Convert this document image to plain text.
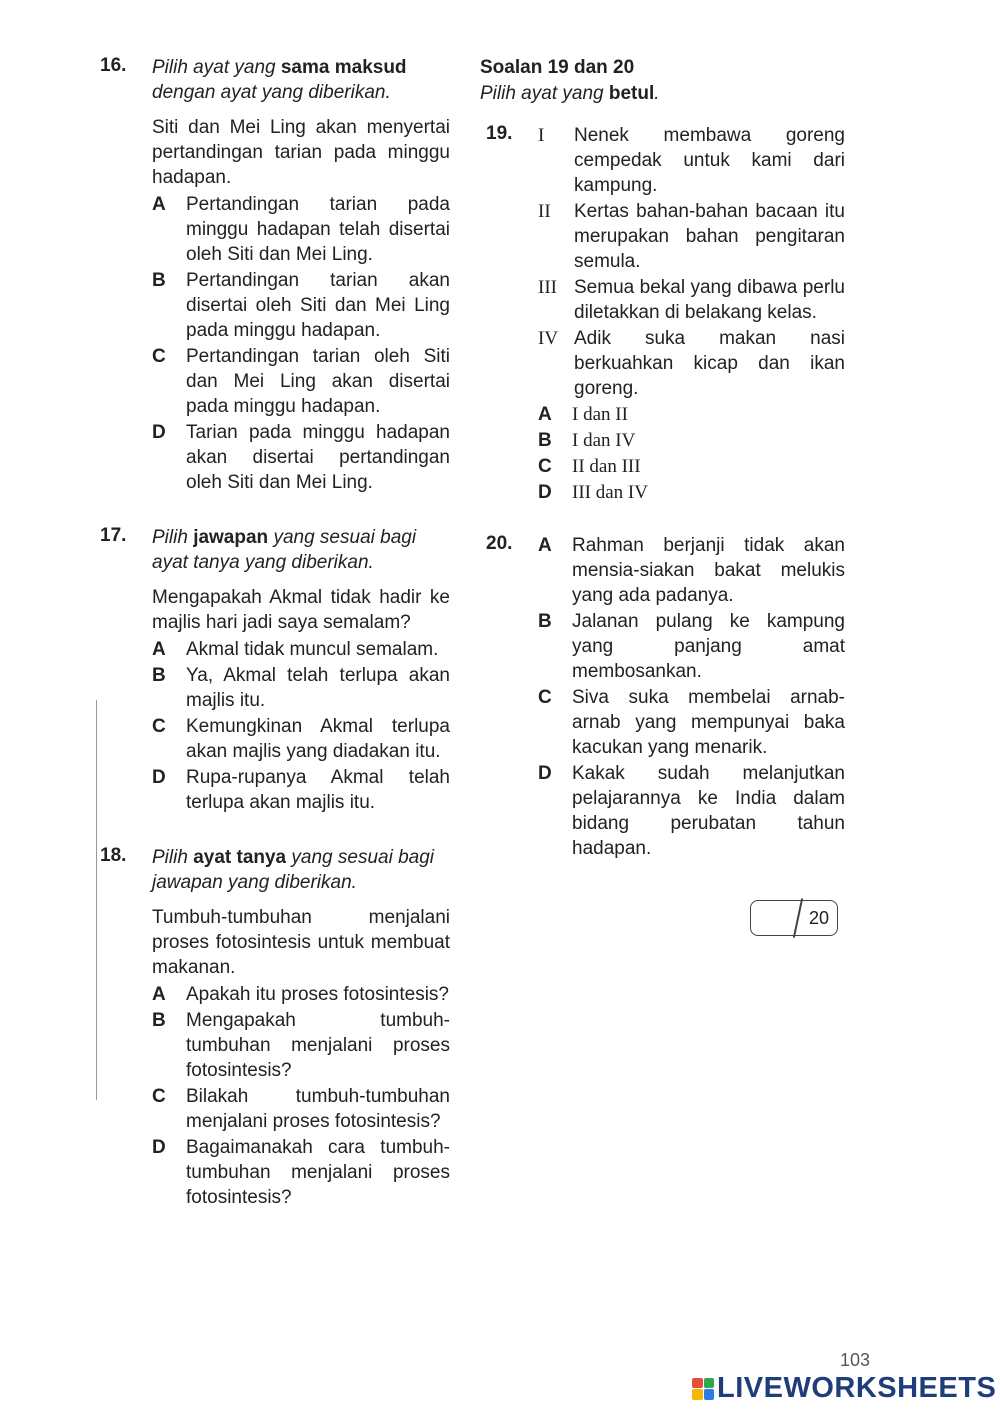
16. Pilih ayat yang sama maksud dengan ayat yang diberikan.

Siti dan Mei Ling akan menyertai pertandingan tarian pada minggu hadapan.

A	Pertandingan tarian pada minggu hadapan telah disertai oleh Siti dan Mei Ling.
B	Pertandingan tarian akan disertai oleh Siti dan Mei Ling pada minggu hadapan.
C	Pertandingan tarian oleh Siti dan Mei Ling akan disertai pada minggu hadapan.
D	Tarian pada minggu hadapan akan disertai pertandingan oleh Siti dan Mei Ling.
17. Pilih jawapan yang sesuai bagi ayat tanya yang diberikan.

Mengapakah Akmal tidak hadir ke majlis hari jadi saya semalam?

A	Akmal tidak muncul semalam.
B	Ya, Akmal telah terlupa akan majlis itu.
C	Kemungkinan Akmal terlupa akan majlis yang diadakan itu.
D	Rupa-rupanya Akmal telah terlupa akan majlis itu.
18. Pilih ayat tanya yang sesuai bagi jawapan yang diberikan.

Tumbuh-tumbuhan menjalani proses fotosintesis untuk membuat makanan.

A	Apakah itu proses fotosintesis?
B	Mengapakah tumbuh-tumbuhan menjalani proses fotosintesis?
C	Bilakah tumbuh-tumbuhan menjalani proses fotosintesis?
D	Bagaimanakah cara tumbuh-tumbuhan menjalani proses fotosintesis?
Soalan 19 dan 20
Pilih ayat yang betul.
19. I	Nenek membawa goreng cempedak untuk kami dari kampung.
II	Kertas bahan-bahan bacaan itu merupakan bahan pengitaran semula.
III Semua bekal yang dibawa perlu diletakkan di belakang kelas.
IV Adik suka makan nasi berkuahkan kicap dan ikan goreng.
A	I dan II
B	I dan IV
C	II dan III
D	III dan IV
20. A	Rahman berjanji tidak akan mensia-siakan bakat melukis yang ada padanya.
B	Jalanan pulang ke kampung yang panjang amat membosankan.
C	Siva suka membelai arnab-arnab yang mempunyai baka kacukan yang menarik.
D	Kakak sudah melanjutkan pelajarannya ke India dalam bidang perubatan tahun hadapan.
20
103
LIVEWORKSHEETS
